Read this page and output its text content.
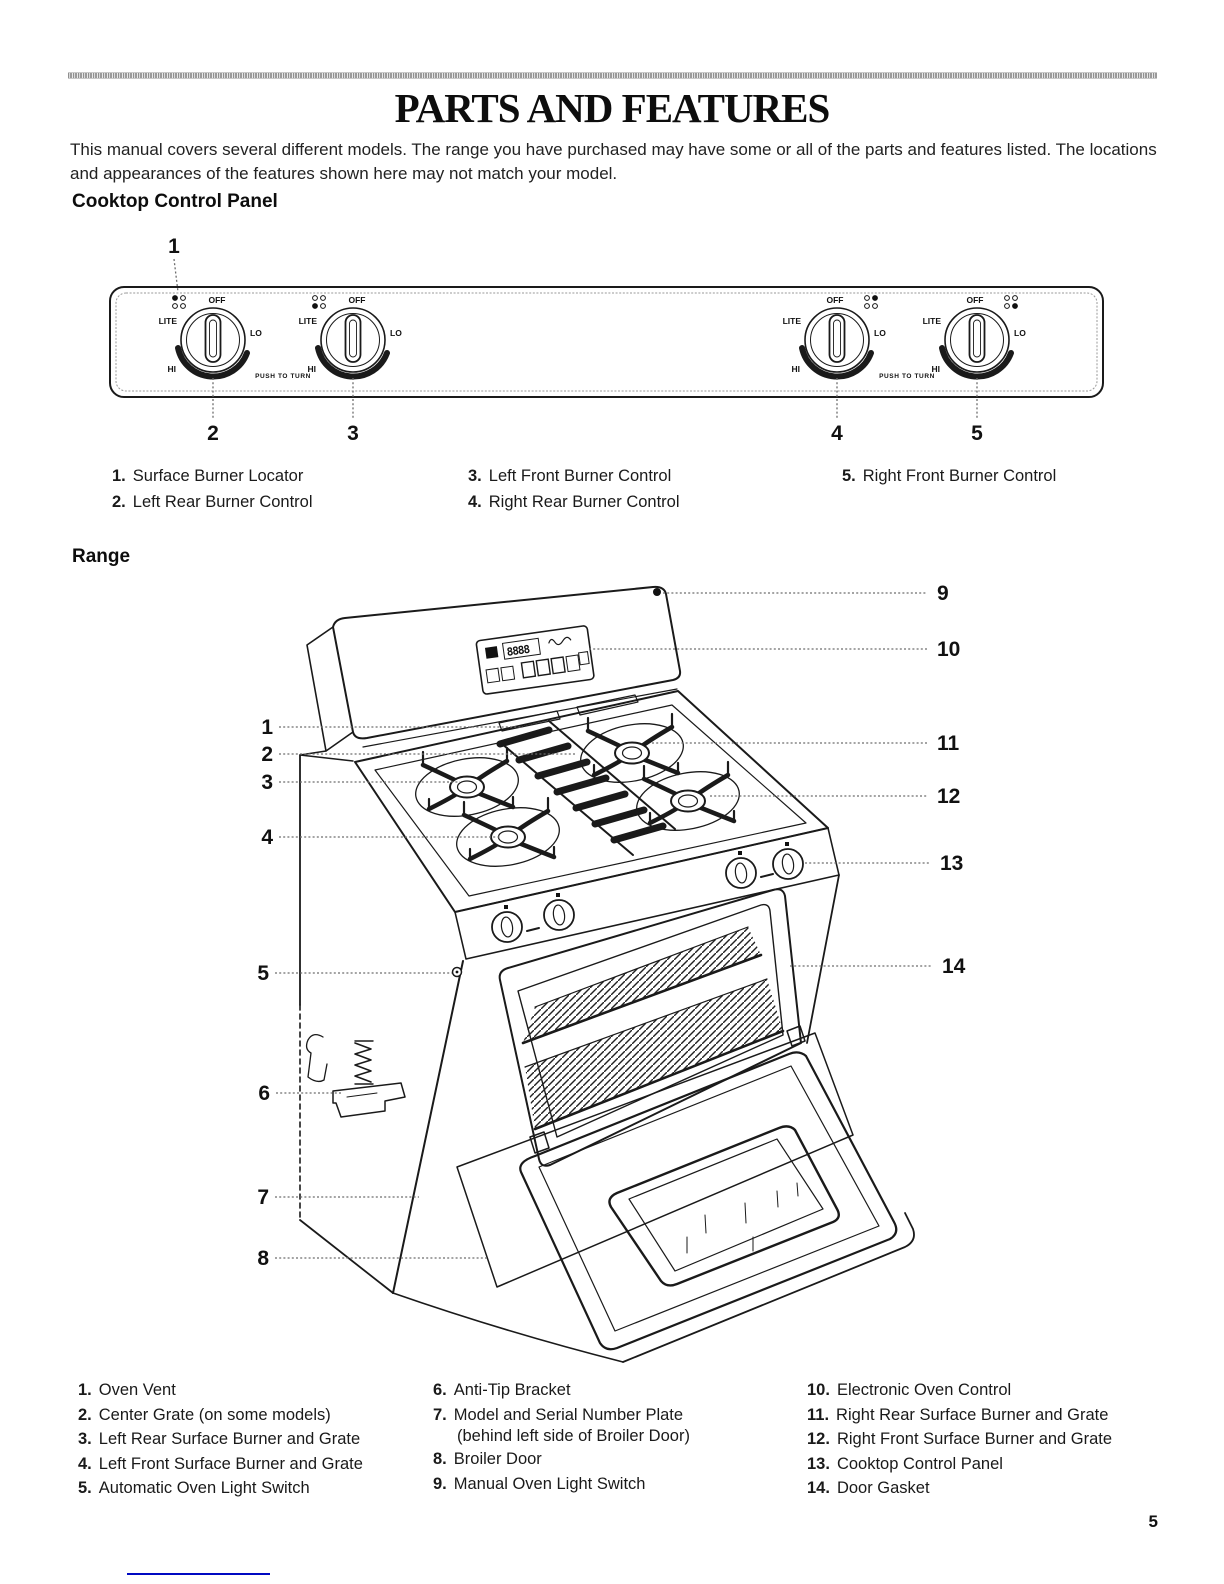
PARTS AND FEATURES

This manual covers several different models. The range you have purchased may have some or all of the parts and features listed. The locations and appearances of the features shown here may not match your model.

Cooktop Control Panel
OFF
LITE
HI
LO
OFF
LITE
HI
LO
OFF
LITE
HI
LO
OFF
LITE
HI
LO
PUSH TO TURN	PUSH TO TURN
1
2	3	4	5
1. Surface Burner Locator
2. Left Rear Burner Control
3. Left Front Burner Control
4. Right Rear Burner Control
5. Right Front Burner Control
Range
8888
1
2
3
4
5
6
7
8
9
10
11
12
13
14
1. Oven Vent
2. Center Grate (on some models)
3. Left Rear Surface Burner and Grate
4. Left Front Surface Burner and Grate
5. Automatic Oven Light Switch
6. Anti-Tip Bracket
7. Model and Serial Number Plate
(behind left side of Broiler Door)
8. Broiler Door
9. Manual Oven Light Switch
10. Electronic Oven Control
11. Right Rear Surface Burner and Grate
12. Right Front Surface Burner and Grate
13. Cooktop Control Panel
14. Door Gasket
5
